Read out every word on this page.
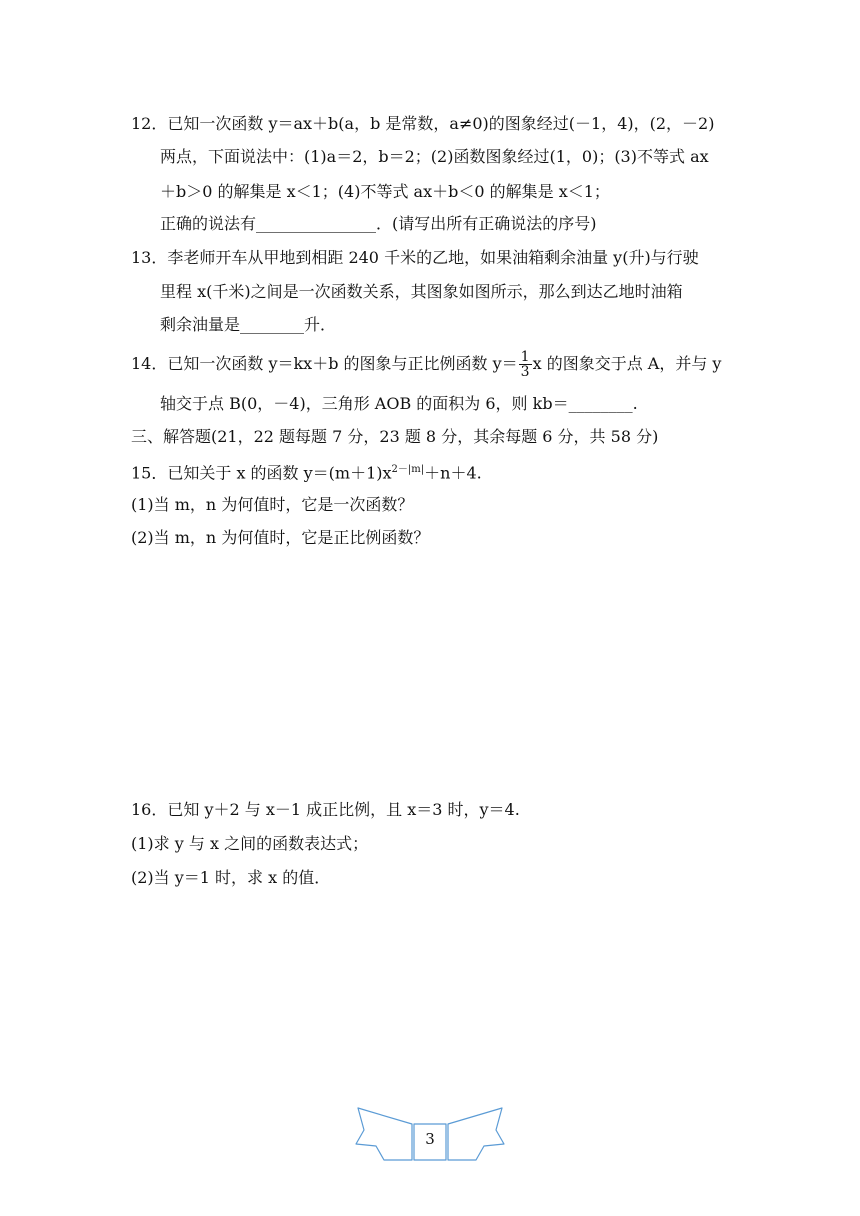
12．已知一次函数 y＝ax＋b(a，b 是常数，a≠0)的图象经过(－1，4)，(2，－2)
两点，下面说法中：(1)a＝2，b＝2；(2)函数图象经过(1，0)；(3)不等式 ax
＋b＞0 的解集是 x＜1；(4)不等式 ax＋b＜0 的解集是 x＜1；
正确的说法有_______________．(请写出所有正确说法的序号)
13．李老师开车从甲地到相距 240 千米的乙地，如果油箱剩余油量 y(升)与行驶
里程 x(千米)之间是一次函数关系，其图象如图所示，那么到达乙地时油箱
剩余油量是________升．
14．已知一次函数 y＝kx＋b 的图象与正比例函数 $y= \frac{1}{3}$ x 的图象交于点 A，并与 y
轴交于点 B(0，－4)，三角形 AOB 的面积为 6，则 kb＝________.
三、解答题(21，22 题每题 7 分，23 题 8 分，其余每题 6 分，共 58 分)
15．已知关于 x 的函数 $y=(m+1)x^{2-|m|}+n+4$.
(1)当 m，n 为何值时，它是一次函数？
(2)当 m，n 为何值时，它是正比例函数？
16．已知 y＋2 与 x－1 成正比例，且 x＝3 时，y＝4.
(1)求 y 与 x 之间的函数表达式；
(2)当 y＝1 时，求 x 的值．
3
